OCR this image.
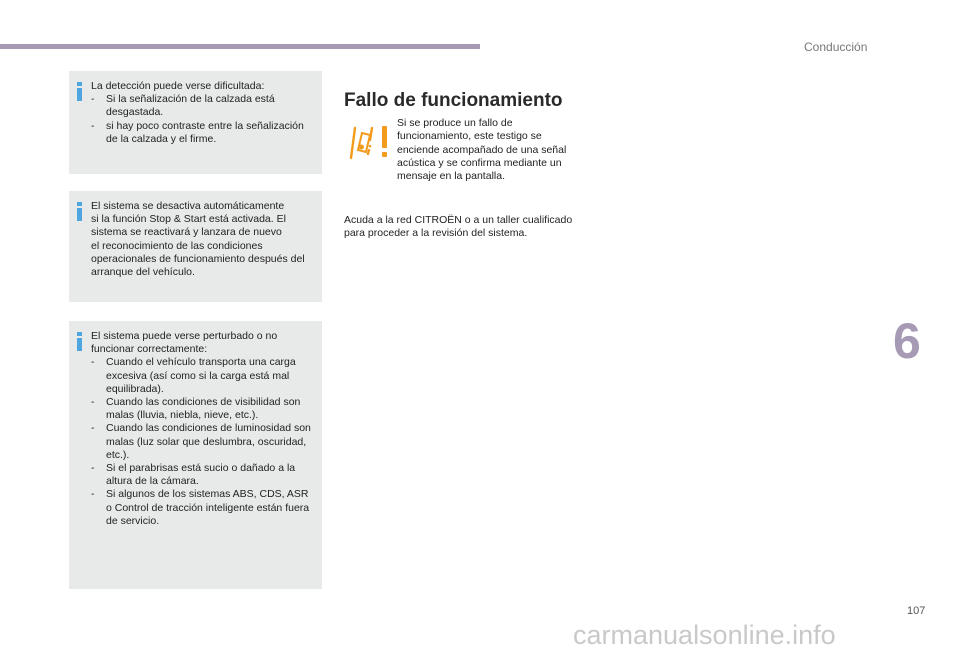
Conducción

La detección puede verse dificultada:

- Si la señalización de la calzada está desgastada.
- si hay poco contraste entre la señalización de la calzada y el firme.

El sistema se desactiva automáticamente
si la función Stop & Start está activada. El
sistema se reactivará y lanzara de nuevo
el reconocimiento de las condiciones
operacionales de funcionamiento después del
arranque del vehículo.

El sistema puede verse perturbado o no funcionar correctamente:

- Cuando el vehículo transporta una carga excesiva (así como si la carga está mal equilibrada).
- Cuando las condiciones de visibilidad son malas (lluvia, niebla, nieve, etc.).
- Cuando las condiciones de luminosidad son malas (luz solar que deslumbra, oscuridad, etc.).
- Si el parabrisas está sucio o dañado a la altura de la cámara.
- Si algunos de los sistemas ABS, CDS, ASR o Control de tracción inteligente están fuera de servicio.
Fallo de funcionamiento
Si se produce un fallo de funcionamiento, este testigo se enciende acompañado de una señal acústica y se confirma mediante un mensaje en la pantalla.
Acuda a la red CITROËN o a un taller cualificado para proceder a la revisión del sistema.
6
107
carmanualsonline.info
